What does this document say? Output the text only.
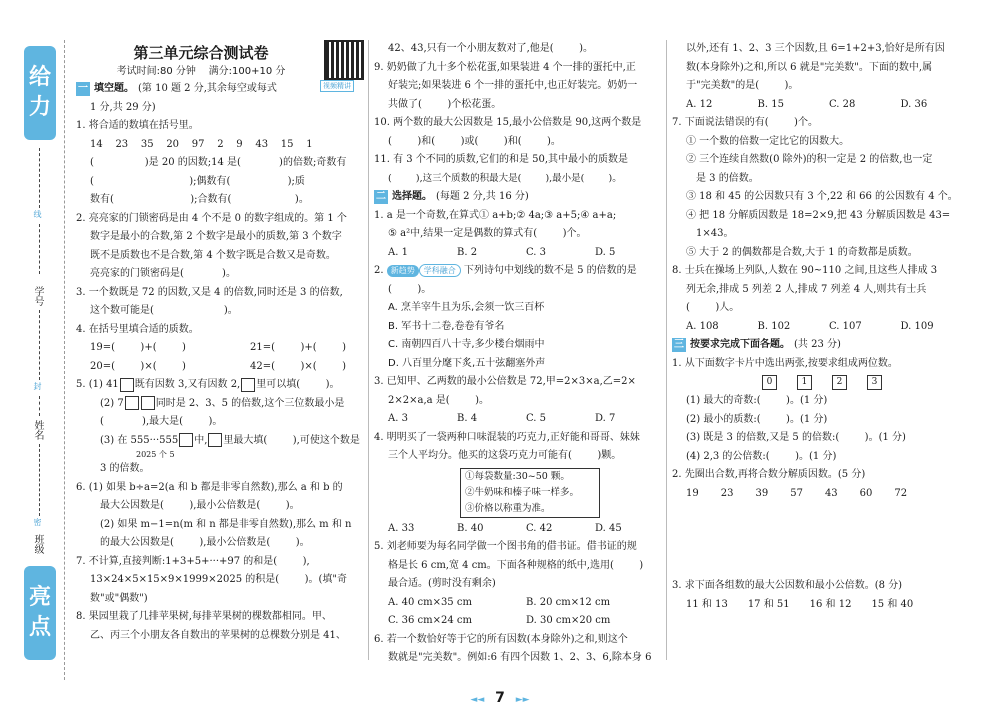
给
力
线
学号
封
姓名
密
班级
亮
点
视频精讲
第三单元综合测试卷
考试时间:80 分钟 满分:100+10 分
一 填空题。 (第 10 题 2 分,其余每空或每式

1 分,共 29 分)

1. 将合适的数填在括号里。

14    23    35    20    97    2    9    43    15    1

(                )是 20 的因数;14 是(            )的倍数;奇数有

(                              );偶数有(                  );质

数有(                        );合数有(                    )。

2. 亮亮家的门锁密码是由 4 个不是 0 的数字组成的。第 1 个

数字是最小的合数,第 2 个数字是最小的质数,第 3 个数字

既不是质数也不是合数,第 4 个数字既是合数又是奇数。

亮亮家的门锁密码是(            )。

3. 一个数既是 72 的因数,又是 4 的倍数,同时还是 3 的倍数,

这个数可能是(                      )。

4. 在括号里填合适的质数。

19=(        )+(        )	21=(        )+(        )
20=(        )×(        )	42=(        )×(        )

5. (1) 41 既有因数 3,又有因数 2, 里可以填(        )。

(2) 7	同时是 2、3、5 的倍数,这个三位数最小是

(            ),最大是(        )。

(3) 在 555···555 中, 里最大填(        ),可使这个数是

2025 个 5

3 的倍数。

6. (1) 如果 b÷a=2(a 和 b 都是非零自然数),那么 a 和 b 的

最大公因数是(        ),最小公倍数是(        )。

(2) 如果 m−1=n(m 和 n 都是非零自然数),那么 m 和 n

的最大公因数是(        ),最小公倍数是(        )。

7. 不计算,直接判断:1+3+5+···+97 的和是(        ),

13×24×5×15×9×1999×2025 的积是(        )。(填"奇

数"或"偶数")

8. 果园里栽了几排苹果树,每排苹果树的棵数都相同。甲、

乙、丙三个小朋友各自数出的苹果树的总棵数分别是 41、

42、43,只有一个小朋友数对了,他是(        )。

9. 奶奶做了九十多个松花蛋,如果装进 4 个一排的蛋托中,正

好装完;如果装进 6 个一排的蛋托中,也正好装完。奶奶一

共做了(        )个松花蛋。

10. 两个数的最大公因数是 15,最小公倍数是 90,这两个数是

(        )和(        )或(        )和(        )。

11. 有 3 个不同的质数,它们的和是 50,其中最小的质数是

(        ),这三个质数的积最大是(        ),最小是(        )。

二 选择题。 (每题 2 分,共 16 分)

1. a 是一个奇数,在算式① a+b;② 4a;③ a+5;④ a+a;

⑤ a²中,结果一定是偶数的算式有(        )个。

A. 1	B. 2	C. 3	D. 5

2. 新趋势 学科融合 下列诗句中划线的数不是 5 的倍数的是

(        )。

A. 烹羊宰牛且为乐,会须一饮三百杯

B. 军书十二卷,卷卷有爷名

C. 南朝四百八十寺,多少楼台烟雨中

D. 八百里分麾下炙,五十弦翻塞外声

3. 已知甲、乙两数的最小公倍数是 72,甲=2×3×a,乙=2×

2×2×a,a 是(        )。

A. 3	B. 4	C. 5	D. 7

4. 明明买了一袋两种口味混装的巧克力,正好能和哥哥、妹妹

三个人平均分。他买的这袋巧克力可能有(        )颗。

①每袋数量:30~50 颗。

②牛奶味和榛子味一样多。

③价格以称重为准。

A. 33	B. 40	C. 42	D. 45

5. 刘老师要为每名同学做一个图书角的借书证。借书证的规

格是长 6 cm,宽 4 cm。下面各种规格的纸中,选用(        )

最合适。(剪时没有剩余)

A. 40 cm×35 cm	B. 20 cm×12 cm
C. 36 cm×24 cm	D. 30 cm×20 cm

6. 若一个数恰好等于它的所有因数(本身除外)之和,则这个

数就是"完美数"。例如:6 有四个因数 1、2、3、6,除本身 6

以外,还有 1、2、3 三个因数,且 6=1+2+3,恰好是所有因

数(本身除外)之和,所以 6 就是"完美数"。下面的数中,属

于"完美数"的是(        )。

A. 12	B. 15	C. 28	D. 36

7. 下面说法错误的有(        )个。

① 一个数的倍数一定比它的因数大。

② 三个连续自然数(0 除外)的积一定是 2 的倍数,也一定

是 3 的倍数。

③ 18 和 45 的公因数只有 3 个,22 和 66 的公因数有 4 个。

④ 把 18 分解质因数是 18=2×9,把 43 分解质因数是 43=

1×43。

⑤ 大于 2 的偶数都是合数,大于 1 的奇数都是质数。

8. 士兵在操场上列队,人数在 90~110 之间,且这些人排成 3

列无余,排成 5 列差 2 人,排成 7 列差 4 人,则共有士兵

(        )人。

A. 108	B. 102	C. 107	D. 109
三 按要求完成下面各题。 (共 23 分)

1. 从下面数字卡片中选出两张,按要求组成两位数。

0	1	2	3

(1) 最大的奇数:(        )。(1 分)

(2) 最小的质数:(        )。(1 分)

(3) 既是 3 的倍数,又是 5 的倍数:(        )。(1 分)

(4) 2,3 的公倍数:(        )。(1 分)

2. 先圈出合数,再将合数分解质因数。(5 分)

19 23 39 57 43 60 72

3. 求下面各组数的最大公因数和最小公倍数。(8 分)

11 和 13 17 和 51 16 和 12 15 和 40
◄◄ 7 ►►
